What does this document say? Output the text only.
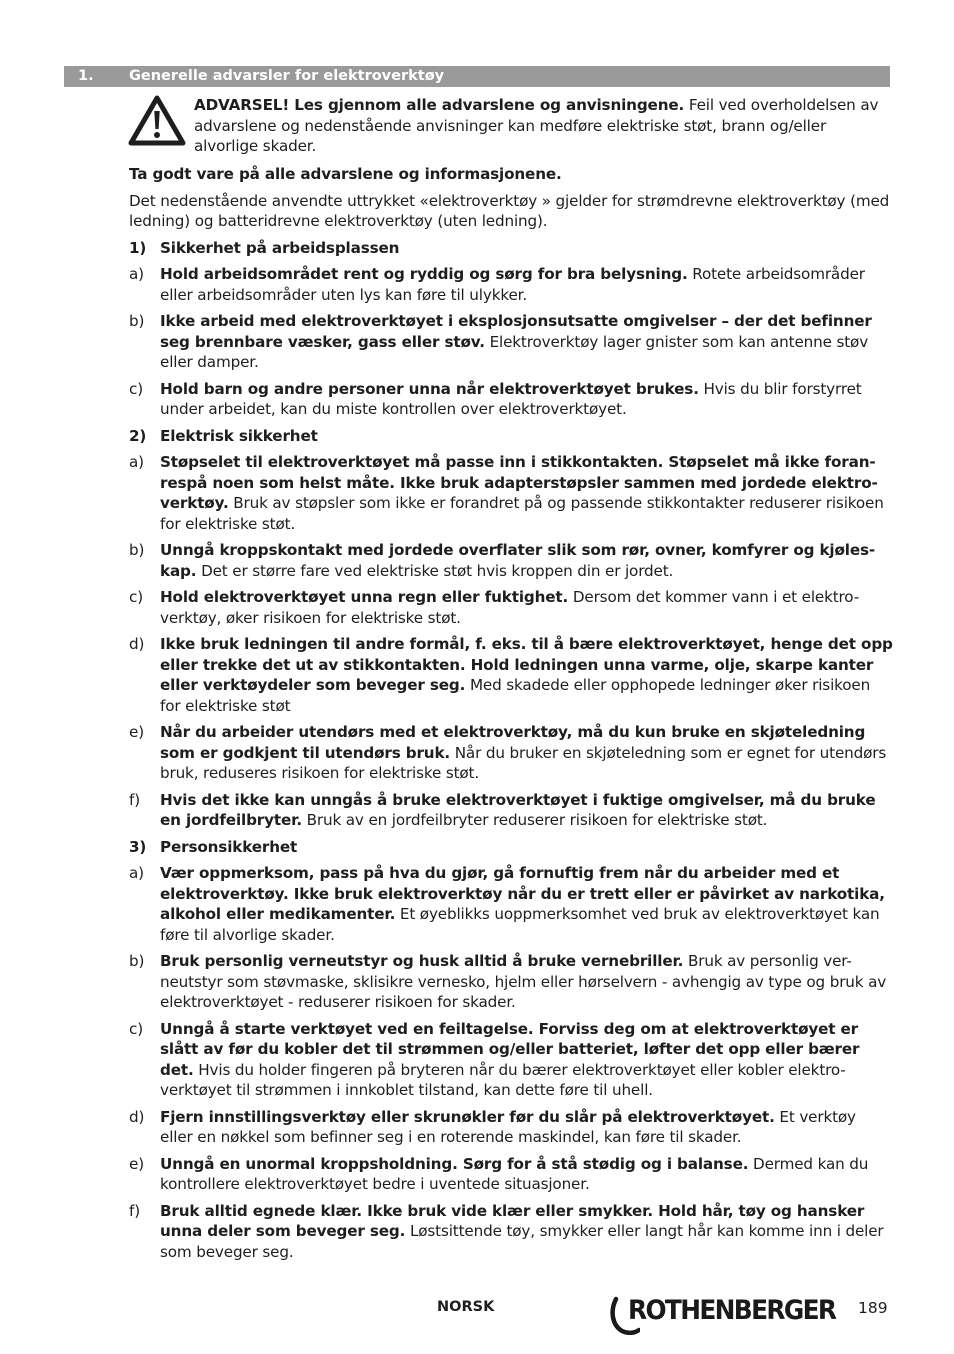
1. Generelle advarsler for elektroverktøy

ADVARSEL! Les gjennom alle advarslene og anvisningene. Feil ved overholdelsen av advarslene og nedenstående anvisninger kan medføre elektriske støt, brann og/eller alvorlige skader.

Ta godt vare på alle advarslene og informasjonene.

Det nedenstående anvendte uttrykket «elektroverktøy » gjelder for strømdrevne elektroverktøy (med ledning) og batteridrevne elektroverktøy (uten ledning).

1) Sikkerhet på arbeidsplassen

a) Hold arbeidsområdet rent og ryddig og sørg for bra belysning. Rotete arbeidsområder eller arbeidsområder uten lys kan føre til ulykker.

b) Ikke arbeid med elektroverktøyet i eksplosjonsutsatte omgivelser – der det befinner seg brennbare væsker, gass eller støv. Elektroverktøy lager gnister som kan antenne støv eller damper.

c) Hold barn og andre personer unna når elektroverktøyet brukes. Hvis du blir forstyrret under arbeidet, kan du miste kontrollen over elektroverktøyet.

2) Elektrisk sikkerhet

a) Støpselet til elektroverktøyet må passe inn i stikkontakten. Støpselet må ikke foran-respå noen som helst måte. Ikke bruk adapterstøpsler sammen med jordede elektro-verktøy. Bruk av støpsler som ikke er forandret på og passende stikkontakter reduserer risikoen for elektriske støt.

b) Unngå kroppskontakt med jordede overflater slik som rør, ovner, komfyrer og kjøles-kap. Det er større fare ved elektriske støt hvis kroppen din er jordet.

c) Hold elektroverktøyet unna regn eller fuktighet. Dersom det kommer vann i et elektro-verktøy, øker risikoen for elektriske støt.

d) Ikke bruk ledningen til andre formål, f. eks. til å bære elektroverktøyet, henge det opp eller trekke det ut av stikkontakten. Hold ledningen unna varme, olje, skarpe kanter eller verktøydeler som beveger seg. Med skadede eller opphopede ledninger øker risikoen for elektriske støt

e) Når du arbeider utendørs med et elektroverktøy, må du kun bruke en skjøteledning som er godkjent til utendørs bruk. Når du bruker en skjøteledning som er egnet for utendørs bruk, reduseres risikoen for elektriske støt.

f) Hvis det ikke kan unngås å bruke elektroverktøyet i fuktige omgivelser, må du bruke en jordfeilbryter. Bruk av en jordfeilbryter reduserer risikoen for elektriske støt.

3) Personsikkerhet

a) Vær oppmerksom, pass på hva du gjør, gå fornuftig frem når du arbeider med et elektroverktøy. Ikke bruk elektroverktøy når du er trett eller er påvirket av narkotika, alkohol eller medikamenter. Et øyeblikks uoppmerksomhet ved bruk av elektroverktøyet kan føre til alvorlige skader.

b) Bruk personlig verneutstyr og husk alltid å bruke vernebriller. Bruk av personlig ver-neutstyr som støvmaske, sklisikre vernesko, hjelm eller hørselvern - avhengig av type og bruk av elektroverktøyet - reduserer risikoen for skader.

c) Unngå å starte verktøyet ved en feiltagelse. Forviss deg om at elektroverktøyet er slått av før du kobler det til strømmen og/eller batteriet, løfter det opp eller bærer det. Hvis du holder fingeren på bryteren når du bærer elektroverktøyet eller kobler elektro-verktøyet til strømmen i innkoblet tilstand, kan dette føre til uhell.

d) Fjern innstillingsverktøy eller skrunøkler før du slår på elektroverktøyet. Et verktøy eller en nøkkel som befinner seg i en roterende maskindel, kan føre til skader.

e) Unngå en unormal kroppsholdning. Sørg for å stå stødig og i balanse. Dermed kan du kontrollere elektroverktøyet bedre i uventede situasjoner.

f) Bruk alltid egnede klær. Ikke bruk vide klær eller smykker. Hold hår, tøy og hansker unna deler som beveger seg. Løstsittende tøy, smykker eller langt hår kan komme inn i deler som beveger seg.

NORSK	ROTHENBERGER 189
